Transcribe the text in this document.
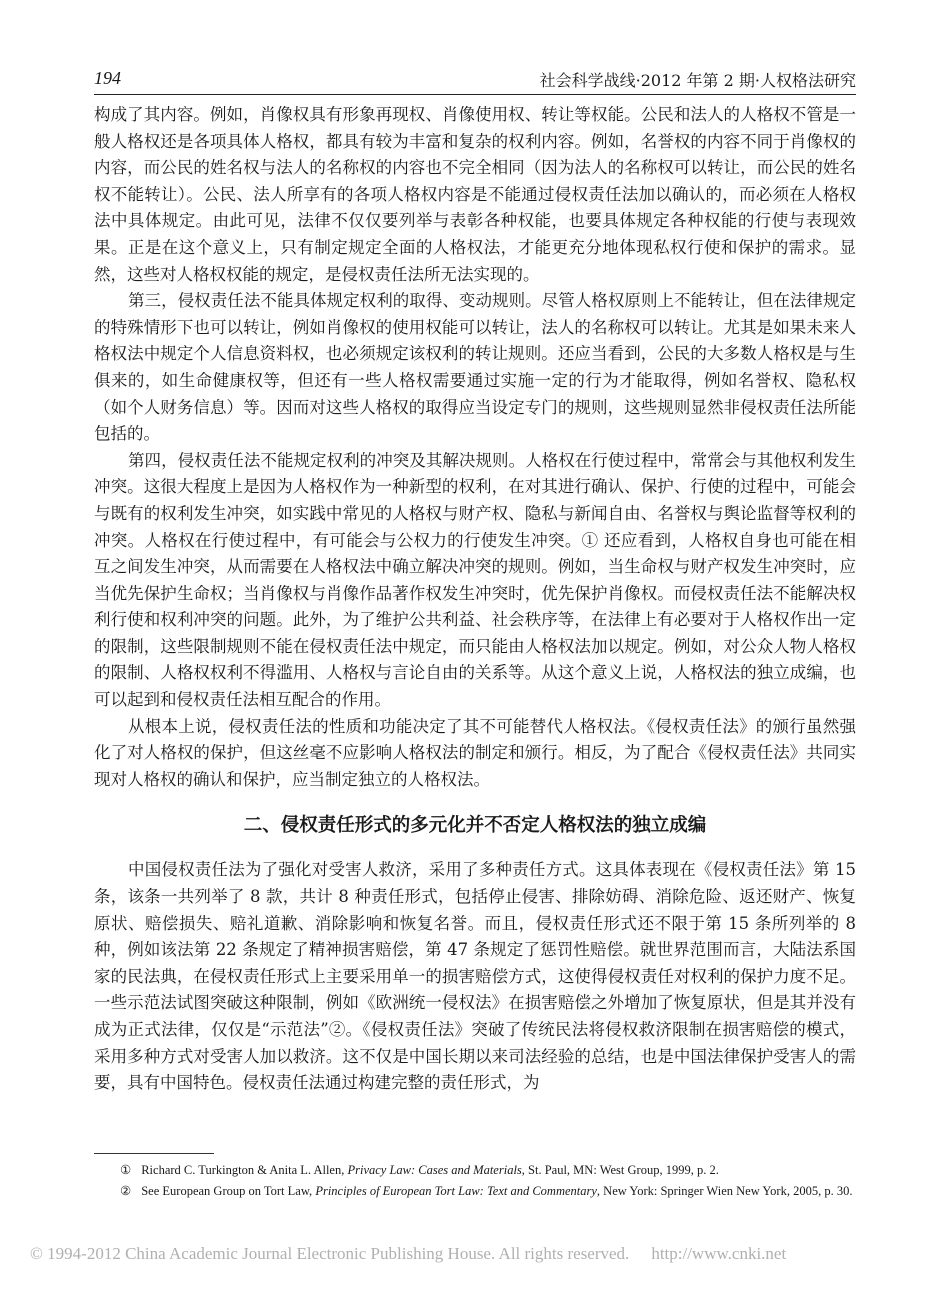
194	社会科学战线·2012 年第 2 期·人权格法研究

构成了其内容。例如，肖像权具有形象再现权、肖像使用权、转让等权能。公民和法人的人格权不管是一般人格权还是各项具体人格权，都具有较为丰富和复杂的权利内容。例如，名誉权的内容不同于肖像权的内容，而公民的姓名权与法人的名称权的内容也不完全相同（因为法人的名称权可以转让，而公民的姓名权不能转让）。公民、法人所享有的各项人格权内容是不能通过侵权责任法加以确认的，而必须在人格权法中具体规定。由此可见，法律不仅仅要列举与表彰各种权能，也要具体规定各种权能的行使与表现效果。正是在这个意义上，只有制定规定全面的人格权法，才能更充分地体现私权行使和保护的需求。显然，这些对人格权权能的规定，是侵权责任法所无法实现的。

第三，侵权责任法不能具体规定权利的取得、变动规则。尽管人格权原则上不能转让，但在法律规定的特殊情形下也可以转让，例如肖像权的使用权能可以转让，法人的名称权可以转让。尤其是如果未来人格权法中规定个人信息资料权，也必须规定该权利的转让规则。还应当看到，公民的大多数人格权是与生俱来的，如生命健康权等，但还有一些人格权需要通过实施一定的行为才能取得，例如名誉权、隐私权（如个人财务信息）等。因而对这些人格权的取得应当设定专门的规则，这些规则显然非侵权责任法所能包括的。

第四，侵权责任法不能规定权利的冲突及其解决规则。人格权在行使过程中，常常会与其他权利发生冲突。这很大程度上是因为人格权作为一种新型的权利，在对其进行确认、保护、行使的过程中，可能会与既有的权利发生冲突，如实践中常见的人格权与财产权、隐私与新闻自由、名誉权与舆论监督等权利的冲突。人格权在行使过程中，有可能会与公权力的行使发生冲突。① 还应看到，人格权自身也可能在相互之间发生冲突，从而需要在人格权法中确立解决冲突的规则。例如，当生命权与财产权发生冲突时，应当优先保护生命权；当肖像权与肖像作品著作权发生冲突时，优先保护肖像权。而侵权责任法不能解决权利行使和权利冲突的问题。此外，为了维护公共利益、社会秩序等，在法律上有必要对于人格权作出一定的限制，这些限制规则不能在侵权责任法中规定，而只能由人格权法加以规定。例如，对公众人物人格权的限制、人格权权利不得滥用、人格权与言论自由的关系等。从这个意义上说，人格权法的独立成编，也可以起到和侵权责任法相互配合的作用。

从根本上说，侵权责任法的性质和功能决定了其不可能替代人格权法。《侵权责任法》的颁行虽然强化了对人格权的保护，但这丝毫不应影响人格权法的制定和颁行。相反，为了配合《侵权责任法》共同实现对人格权的确认和保护，应当制定独立的人格权法。

二、侵权责任形式的多元化并不否定人格权法的独立成编

中国侵权责任法为了强化对受害人救济，采用了多种责任方式。这具体表现在《侵权责任法》第 15 条，该条一共列举了 8 款，共计 8 种责任形式，包括停止侵害、排除妨碍、消除危险、返还财产、恢复原状、赔偿损失、赔礼道歉、消除影响和恢复名誉。而且，侵权责任形式还不限于第 15 条所列举的 8 种，例如该法第 22 条规定了精神损害赔偿，第 47 条规定了惩罚性赔偿。就世界范围而言，大陆法系国家的民法典，在侵权责任形式上主要采用单一的损害赔偿方式，这使得侵权责任对权利的保护力度不足。一些示范法试图突破这种限制，例如《欧洲统一侵权法》在损害赔偿之外增加了恢复原状，但是其并没有成为正式法律，仅仅是“示范法”②。《侵权责任法》突破了传统民法将侵权救济限制在损害赔偿的模式，采用多种方式对受害人加以救济。这不仅是中国长期以来司法经验的总结，也是中国法律保护受害人的需要，具有中国特色。侵权责任法通过构建完整的责任形式，为

① Richard C. Turkington & Anita L. Allen, Privacy Law: Cases and Materials, St. Paul, MN: West Group, 1999, p. 2.

② See European Group on Tort Law, Principles of European Tort Law: Text and Commentary, New York: Springer Wien New York, 2005, p. 30.

© 1994-2012 China Academic Journal Electronic Publishing House. All rights reserved. http://www.cnki.net
